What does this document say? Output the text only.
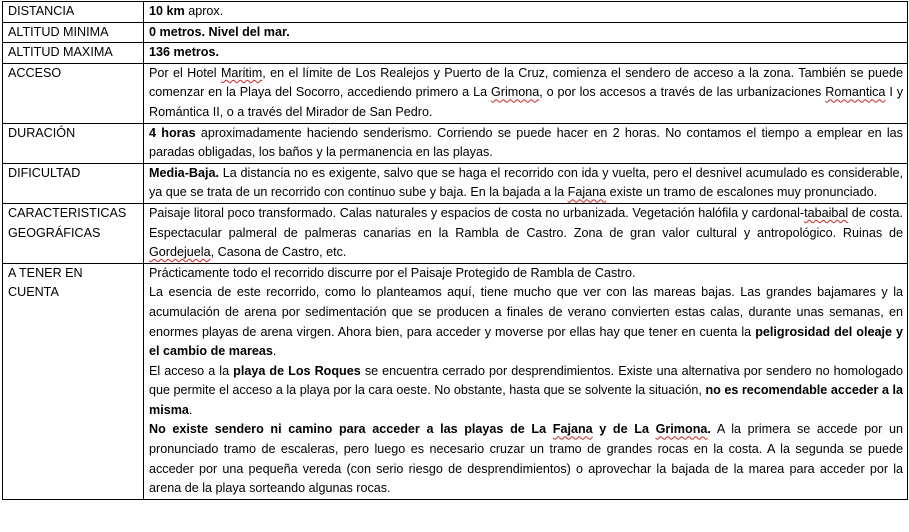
DISTANCIA	10 km aprox.

ALTITUD MINIMA	0 metros. Nivel del mar.

ALTITUD MAXIMA	136 metros.

ACCESO	Por el Hotel Maritim, en el límite de Los Realejos y Puerto de la Cruz, comienza el sendero de acceso a la zona. También se puede comenzar en la Playa del Socorro, accediendo primero a La Grimona, o por los accesos a través de las urbanizaciones Romantica I y Romántica II, o a través del Mirador de San Pedro.

DURACIÓN	4 horas aproximadamente haciendo senderismo. Corriendo se puede hacer en 2 horas. No contamos el tiempo a emplear en las paradas obligadas, los baños y la permanencia en las playas.

DIFICULTAD	Media-Baja. La distancia no es exigente, salvo que se haga el recorrido con ida y vuelta, pero el desnivel acumulado es considerable, ya que se trata de un recorrido con continuo sube y baja. En la bajada a la Fajana existe un tramo de escalones muy pronunciado.

CARACTERISTICAS
GEOGRÁFICAS	Paisaje litoral poco transformado. Calas naturales y espacios de costa no urbanizada. Vegetación halófila y cardonal-tabaibal de costa. Espectacular palmeral de palmeras canarias en la Rambla de Castro. Zona de gran valor cultural y antropológico. Ruinas de Gordejuela, Casona de Castro, etc.

A TENER EN
CUENTA	Prácticamente todo el recorrido discurre por el Paisaje Protegido de Rambla de Castro.
La esencia de este recorrido, como lo planteamos aquí, tiene mucho que ver con las mareas bajas. Las grandes bajamares y la acumulación de arena por sedimentación que se producen a finales de verano convierten estas calas, durante unas semanas, en enormes playas de arena virgen. Ahora bien, para acceder y moverse por ellas hay que tener en cuenta la peligrosidad del oleaje y el cambio de mareas.
El acceso a la playa de Los Roques se encuentra cerrado por desprendimientos. Existe una alternativa por sendero no homologado que permite el acceso a la playa por la cara oeste. No obstante, hasta que se solvente la situación, no es recomendable acceder a la misma.
No existe sendero ni camino para acceder a las playas de La Fajana y de La Grimona. A la primera se accede por un pronunciado tramo de escaleras, pero luego es necesario cruzar un tramo de grandes rocas en la costa. A la segunda se puede acceder por una pequeña vereda (con serio riesgo de desprendimientos) o aprovechar la bajada de la marea para acceder por la arena de la playa sorteando algunas rocas.
